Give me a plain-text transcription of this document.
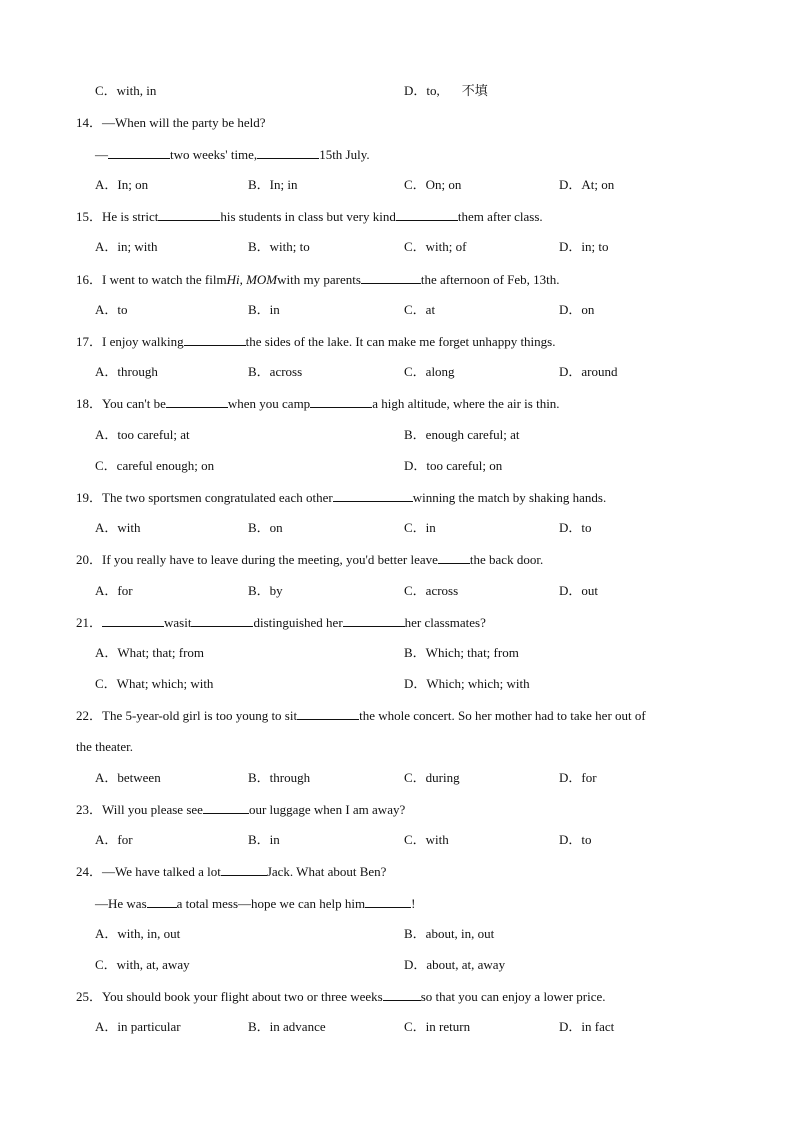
C．with, in	D．to, 不填
14．—When will the party be held?
—	two weeks' time,	15th July.
A．In; on	B．In; in	C．On; on	D．At; on
15．He is strict	his students in class but very kind	them after class.
A．in; with	B．with; to	C．with; of	D．in; to
16．I went to watch the filmHi, MOMwith my parents	the afternoon of Feb, 13th.
A．to	B．in	C．at	D．on
17．I enjoy walking	the sides of the lake. It can make me forget unhappy things.
A．through	B．across	C．along	D．around
18．You can't be	when you camp	a high altitude, where the air is thin.
A．too careful; at	B．enough careful; at
C．careful enough; on	D．too careful; on
19．The two sportsmen congratulated each other	winning the match by shaking hands.
A．with	B．on	C．in	D．to
20．If you really have to leave during the meeting, you'd better leavethe back door.
A．for	B．by	C．across	D．out
21．	wasit	distinguished her	her classmates?
A．What; that; from	B．Which; that; from
C．What; which; with	D．Which; which; with
22．The 5-year-old girl is too young to sit	the whole concert. So her mother had to take her out of
the theater.
A．between	B．through	C．during	D．for
23．Will you please see	our luggage when I am away?
A．for	B．in	C．with	D．to
24．—We have talked a lot	Jack. What about Ben?
—He wasa total mess—hope we can help him	!
A．with, in, out	B．about, in, out
C．with, at, away	D．about, at, away
25．You should book your flight about two or three weeks	so that you can enjoy a lower price.
A．in particular	B．in advance	C．in return	D．in fact
